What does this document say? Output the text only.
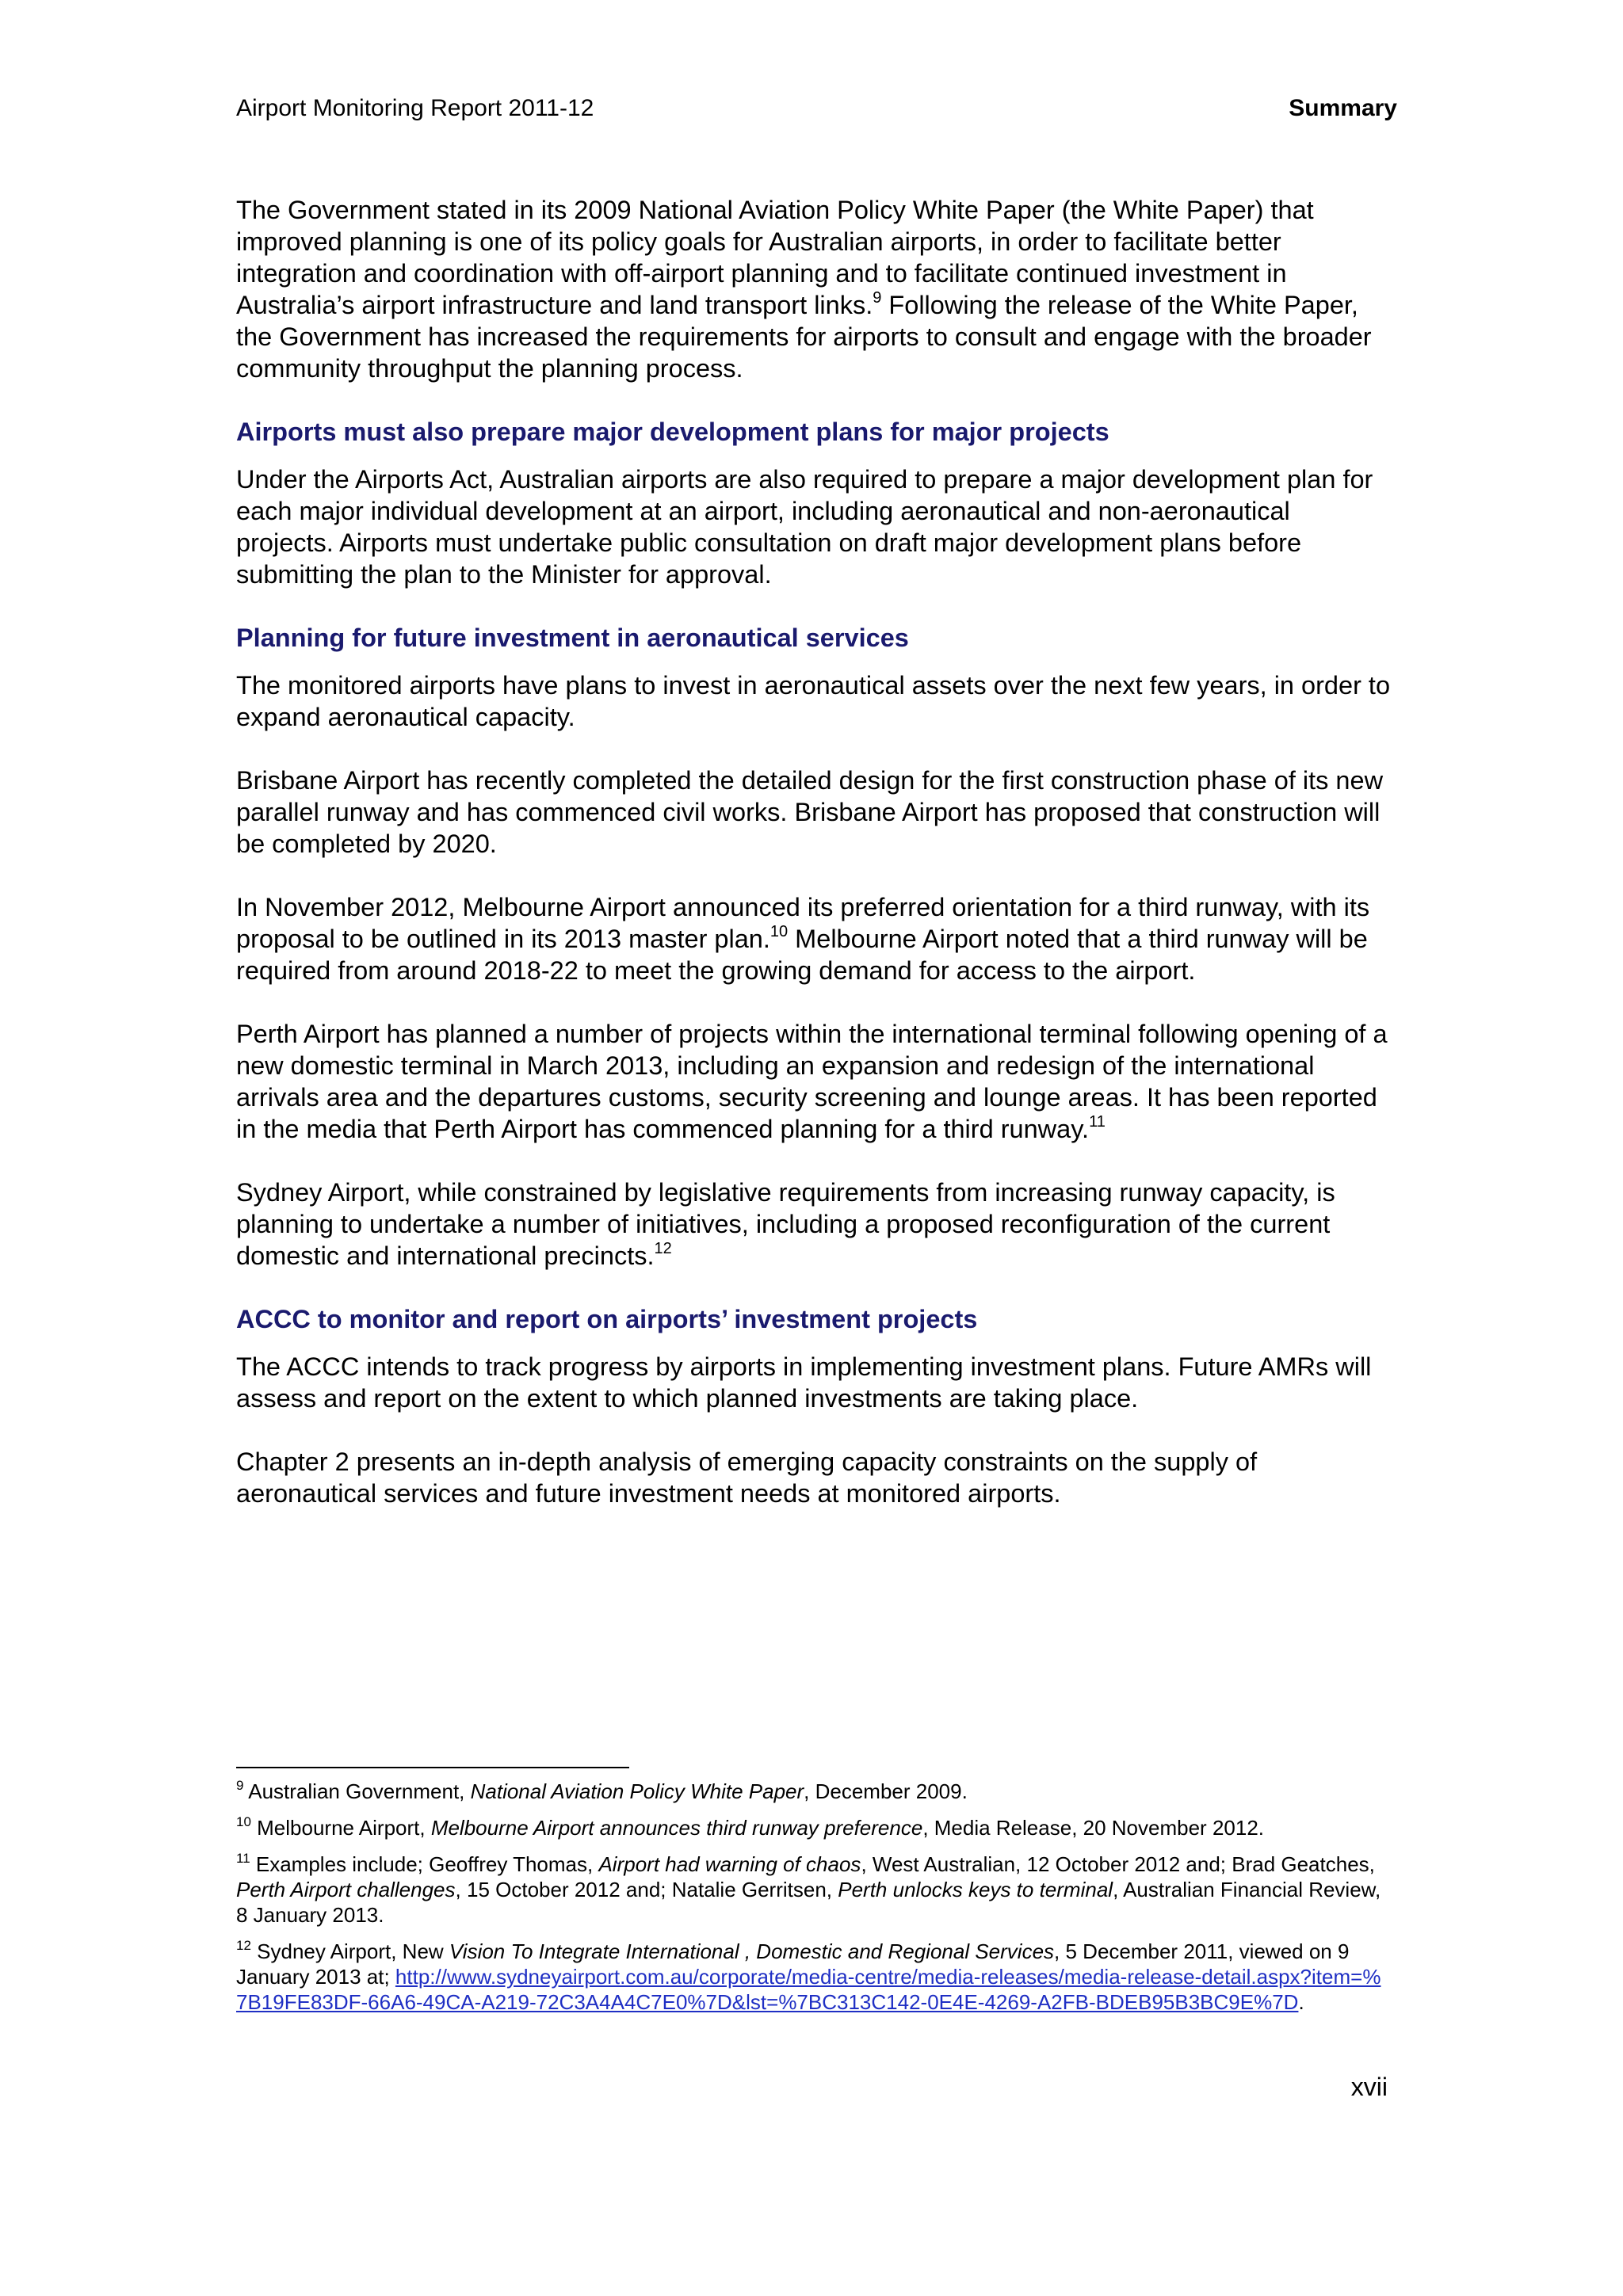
Airport Monitoring Report 2011-12	Summary

The Government stated in its 2009 National Aviation Policy White Paper (the White Paper) that improved planning is one of its policy goals for Australian airports, in order to facilitate better integration and coordination with off-airport planning and to facilitate continued investment in Australia’s airport infrastructure and land transport links.$^9$ Following the release of the White Paper, the Government has increased the requirements for airports to consult and engage with the broader community throughput the planning process.

Airports must also prepare major development plans for major projects

Under the Airports Act, Australian airports are also required to prepare a major development plan for each major individual development at an airport, including aeronautical and non-aeronautical projects. Airports must undertake public consultation on draft major development plans before submitting the plan to the Minister for approval.

Planning for future investment in aeronautical services

The monitored airports have plans to invest in aeronautical assets over the next few years, in order to expand aeronautical capacity.

Brisbane Airport has recently completed the detailed design for the first construction phase of its new parallel runway and has commenced civil works. Brisbane Airport has proposed that construction will be completed by 2020.

In November 2012, Melbourne Airport announced its preferred orientation for a third runway, with its proposal to be outlined in its 2013 master plan.$^{10}$ Melbourne Airport noted that a third runway will be required from around 2018-22 to meet the growing demand for access to the airport.

Perth Airport has planned a number of projects within the international terminal following opening of a new domestic terminal in March 2013, including an expansion and redesign of the international arrivals area and the departures customs, security screening and lounge areas. It has been reported in the media that Perth Airport has commenced planning for a third runway.$^{11}$

Sydney Airport, while constrained by legislative requirements from increasing runway capacity, is planning to undertake a number of initiatives, including a proposed reconfiguration of the current domestic and international precincts.$^{12}$

ACCC to monitor and report on airports’ investment projects

The ACCC intends to track progress by airports in implementing investment plans. Future AMRs will assess and report on the extent to which planned investments are taking place.

Chapter 2 presents an in-depth analysis of emerging capacity constraints on the supply of aeronautical services and future investment needs at monitored airports.

$^9$ Australian Government, National Aviation Policy White Paper, December 2009.
$^{10}$ Melbourne Airport, Melbourne Airport announces third runway preference, Media Release, 20 November 2012.
$^{11}$ Examples include; Geoffrey Thomas, Airport had warning of chaos, West Australian, 12 October 2012 and; Brad Geatches, Perth Airport challenges, 15 October 2012 and; Natalie Gerritsen, Perth unlocks keys to terminal, Australian Financial Review, 8 January 2013.
$^{12}$ Sydney Airport, New Vision To Integrate International , Domestic and Regional Services, 5 December 2011, viewed on 9 January 2013 at; http://www.sydneyairport.com.au/corporate/media-centre/media-releases/media-release-detail.aspx?item=%7B19FE83DF-66A6-49CA-A219-72C3A4A4C7E0%7D&lst=%7BC313C142-0E4E-4269-A2FB-BDEB95B3BC9E%7D.
xvii
